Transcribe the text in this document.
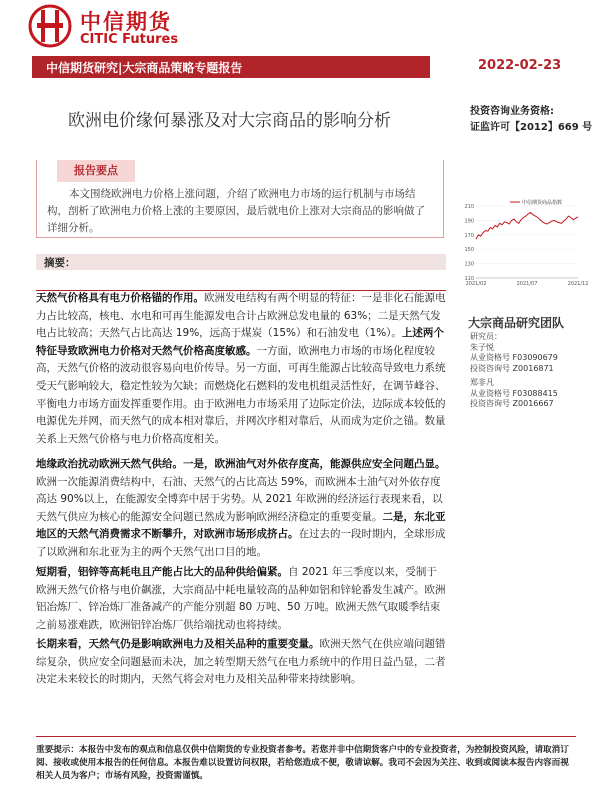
中信期货
CITIC Futures
中信期货研究|大宗商品策略专题报告	2022-02-23
欧洲电价缘何暴涨及对大宗商品的影响分析	投资咨询业务资格:
证监许可【2012】669 号
报告要点
本文围绕欧洲电力价格上涨问题，介绍了欧洲电力市场的运行机制与市场结构，剖析了欧洲电力价格上涨的主要原因，最后就电价上涨对大宗商品的影响做了详细分析。
摘要：
天然气价格具有电力价格锚的作用。欧洲发电结构有两个明显的特征：一是非化石能源电力占比较高，核电、水电和可再生能源发电合计占欧洲总发电量的 63%；二是天然气发电占比较高；天然气占比高达 19%，远高于煤炭（15%）和石油发电（1%）。上述两个特征导致欧洲电力价格对天然气价格高度敏感。一方面，欧洲电力市场的市场化程度较高，天然气价格的波动很容易向电价传导。另一方面，可再生能源占比较高导致电力系统受天气影响较大，稳定性较为欠缺；而燃烧化石燃料的发电机组灵活性好，在调节峰谷、平衡电力市场方面发挥重要作用。由于欧洲电力市场采用了边际定价法，边际成本较低的电源优先并网，而天然气的成本相对靠后，并网次序相对靠后，从而成为定价之锚。数量关系上天然气价格与电力价格高度相关。
地缘政治扰动欧洲天然气供给。一是，欧洲油气对外依存度高，能源供应安全问题凸显。欧洲一次能源消费结构中，石油、天然气的占比高达 59%，而欧洲本土油气对外依存度高达 90%以上，在能源安全博弈中居于劣势。从 2021 年欧洲的经济运行表现来看，以天然气供应为核心的能源安全问题已然成为影响欧洲经济稳定的重要变量。二是，东北亚地区的天然气消费需求不断攀升，对欧洲市场形成挤占。在过去的一段时期内，全球形成了以欧洲和东北亚为主的两个天然气出口目的地。
短期看，铝锌等高耗电且产能占比大的品种供给偏紧。自 2021 年三季度以来，受制于欧洲天然气价格与电价飙涨，大宗商品中耗电量较高的品种如铝和锌轮番发生减产。欧洲铝冶炼厂、锌冶炼厂准备减产的产能分别超 80 万吨、50 万吨。欧洲天然气取暖季结束之前易涨难跌，欧洲铝锌冶炼厂供给端扰动也将持续。
长期来看，天然气仍是影响欧洲电力及相关品种的重要变量。欧洲天然气在供应端问题错综复杂，供应安全问题悬而未决，加之转型期天然气在电力系统中的作用日益凸显，二者决定未来较长的时期内，天然气将会对电力及相关品种带来持续影响。
210
190
170
150
130
110
2021/02	2021/07	2021/12
中信期货商品指数
大宗商品研究团队
研究员：
朱子悦
从业资格号 F03090679
投资咨询号 Z0016871
郑非凡
从业资格号 F03088415
投资咨询号 Z0016667
重要提示：本报告中发布的观点和信息仅供中信期货的专业投资者参考。若您并非中信期货客户中的专业投资者，为控制投资风险，请取消订阅、接收或使用本报告的任何信息。本报告难以设置访问权限，若给您造成不便，敬请谅解。我司不会因为关注、收到或阅读本报告内容而视相关人员为客户；市场有风险，投资需谨慎。
